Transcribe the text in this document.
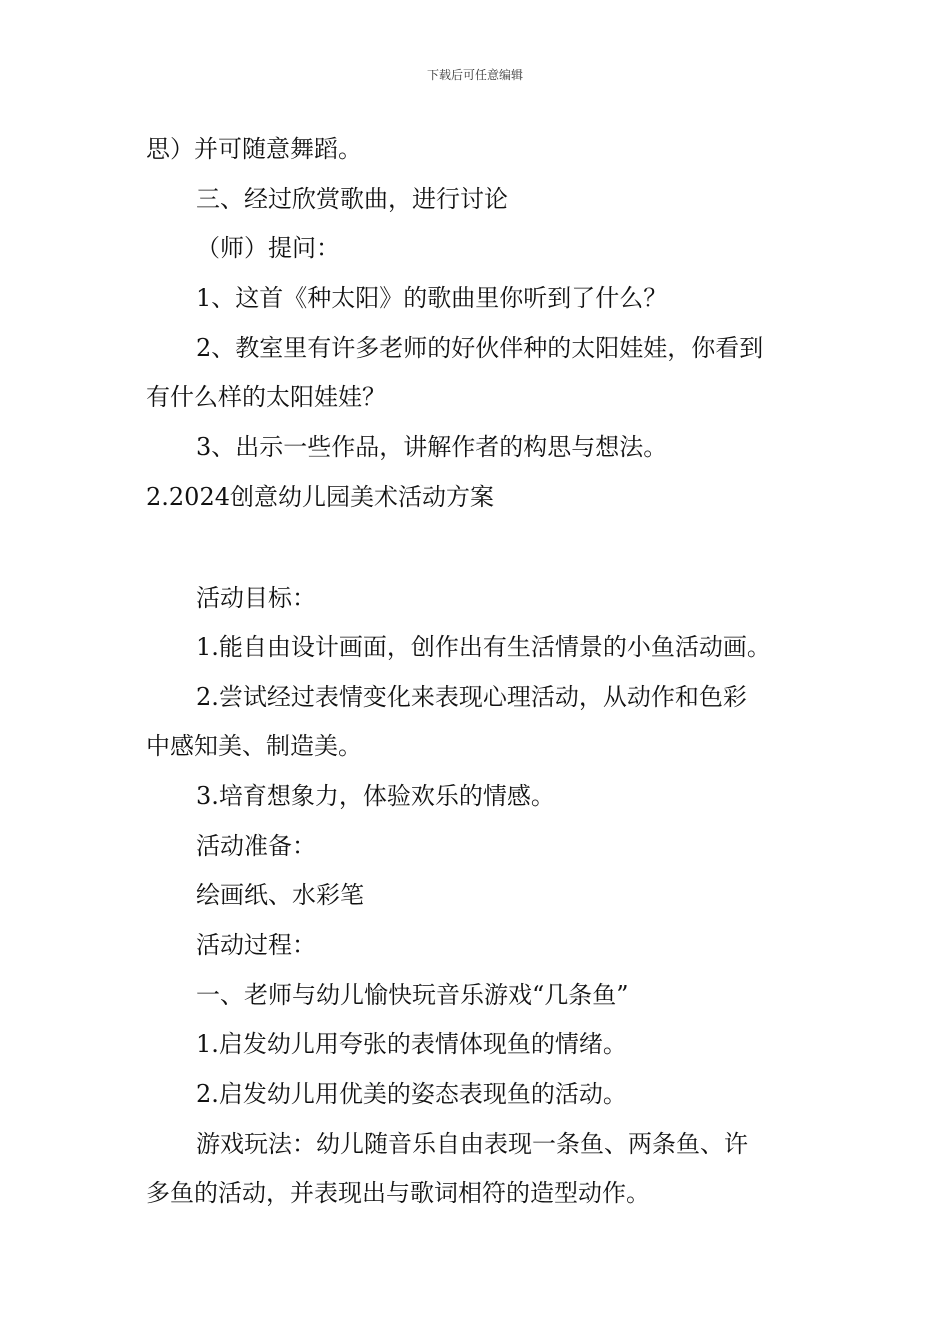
下载后可任意编辑
思）并可随意舞蹈。
三、经过欣赏歌曲，进行讨论
（师）提问：
1、这首《种太阳》的歌曲里你听到了什么？
2、教室里有许多老师的好伙伴种的太阳娃娃，你看到
有什么样的太阳娃娃？
3、出示一些作品，讲解作者的构思与想法。
2.2024创意幼儿园美术活动方案
活动目标：
1.能自由设计画面，创作出有生活情景的小鱼活动画。
2.尝试经过表情变化来表现心理活动，从动作和色彩
中感知美、制造美。
3.培育想象力，体验欢乐的情感。
活动准备：
绘画纸、水彩笔
活动过程：
一、老师与幼儿愉快玩音乐游戏“几条鱼”
1.启发幼儿用夸张的表情体现鱼的情绪。
2.启发幼儿用优美的姿态表现鱼的活动。
游戏玩法：幼儿随音乐自由表现一条鱼、两条鱼、许
多鱼的活动，并表现出与歌词相符的造型动作。
